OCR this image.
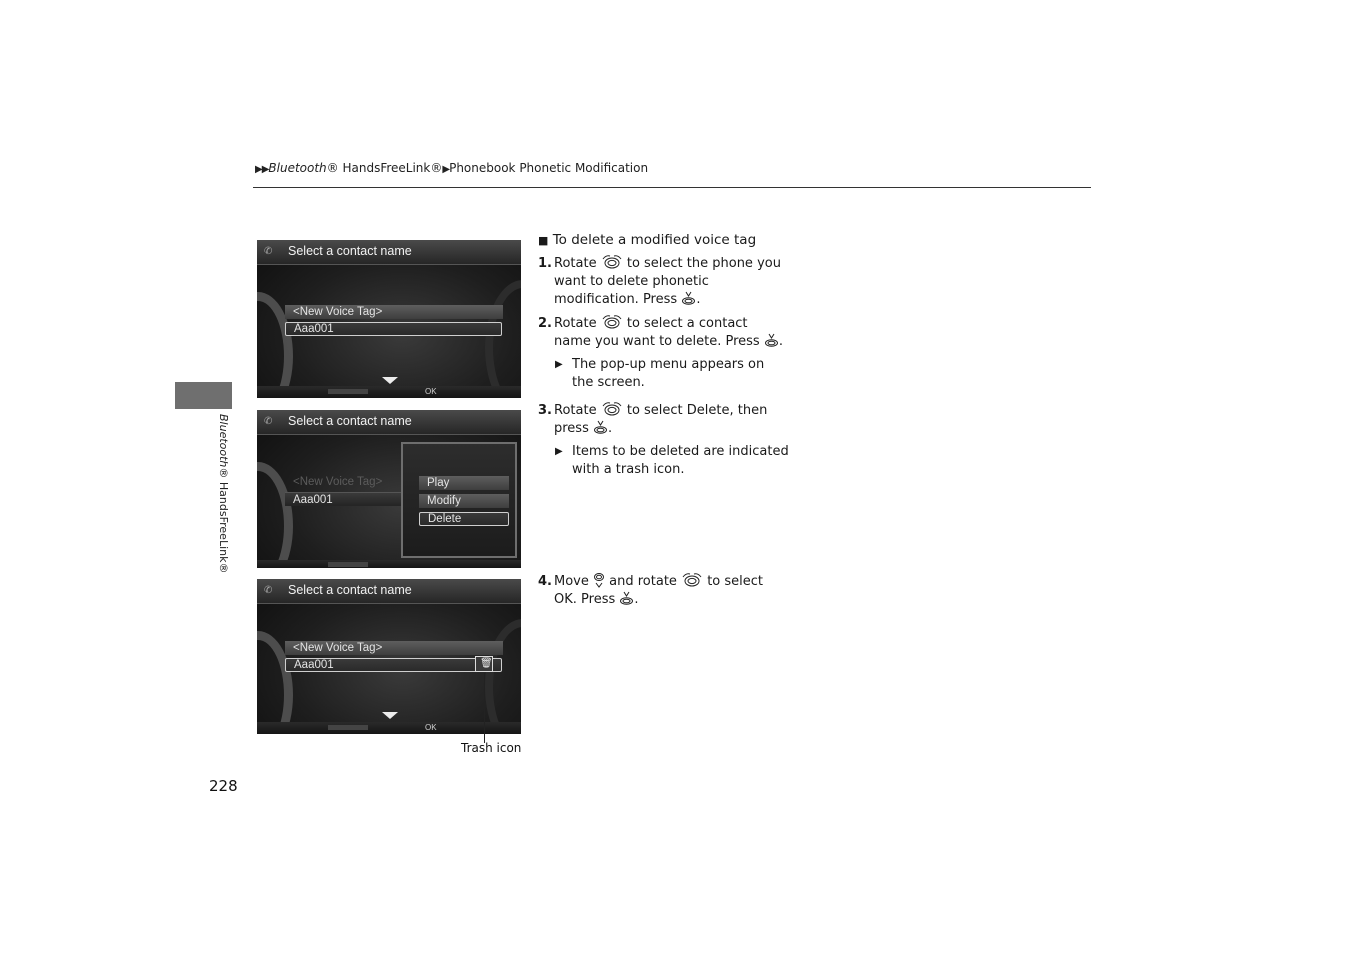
▶▶Bluetooth® HandsFreeLink®▶Phonebook Phonetic Modification
Bluetooth® HandsFreeLink®
228
✆ Select a contact name
<New Voice Tag>
Aaa001
OK
✆ Select a contact name
<New Voice Tag>
Aaa001
Play
Modify
Delete
✆ Select a contact name
<New Voice Tag>
Aaa001	🗑
OK
Trash icon
■ To delete a modified voice tag
1. Rotate to select the phone you
want to delete phonetic
modification. Press .
2. Rotate to select a contact
name you want to delete. Press .
▶ The pop-up menu appears on
the screen.
3. Rotate to select Delete, then
press .
▶ Items to be deleted are indicated
with a trash icon.
4. Move and rotate to select
OK. Press .
